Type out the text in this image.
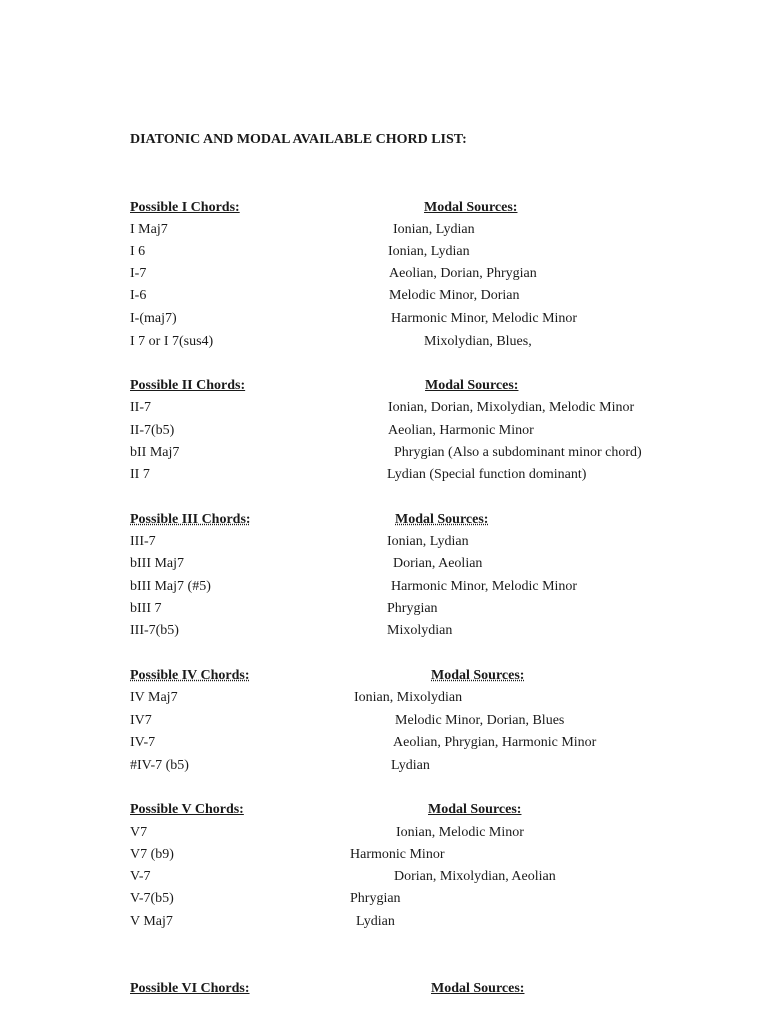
DIATONIC AND MODAL AVAILABLE CHORD LIST:
Possible I Chords:	Modal Sources:
I Maj7	Ionian, Lydian
I 6	Ionian, Lydian
I-7	Aeolian, Dorian, Phrygian
I-6	Melodic Minor, Dorian
I-(maj7)	Harmonic Minor, Melodic Minor
I 7 or I 7(sus4)	Mixolydian, Blues,
Possible II Chords:	Modal Sources:
II-7	Ionian, Dorian, Mixolydian, Melodic Minor
II-7(b5)	Aeolian, Harmonic Minor
bII Maj7	Phrygian (Also a subdominant minor chord)
II 7	Lydian (Special function dominant)
Possible III Chords:	Modal Sources:
III-7	Ionian, Lydian
bIII Maj7	Dorian, Aeolian
bIII Maj7 (#5)	Harmonic Minor, Melodic Minor
bIII 7	Phrygian
III-7(b5)	Mixolydian
Possible IV Chords:	Modal Sources:
IV Maj7	Ionian, Mixolydian
IV7	Melodic Minor, Dorian, Blues
IV-7	Aeolian, Phrygian, Harmonic Minor
#IV-7 (b5)	Lydian
Possible V Chords:	Modal Sources:
V7	Ionian, Melodic Minor
V7 (b9)	Harmonic Minor
V-7	Dorian, Mixolydian, Aeolian
V-7(b5)	Phrygian
V Maj7	Lydian
Possible VI Chords:	Modal Sources:
